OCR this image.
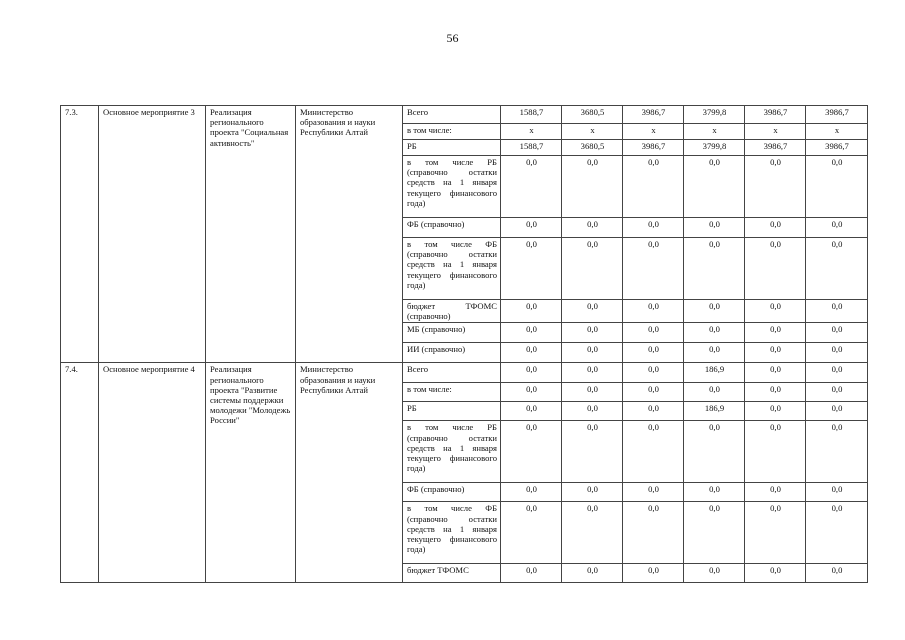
56
7.3.	Основное мероприятие 3	Реализация регионального проекта "Социальная активность"	Министерство образования и науки Республики Алтай	Всего	1588,7	3680,5	3986,7	3799,8	3986,7	3986,7
				в том числе:	x	x	x	x	x	x
				РБ	1588,7	3680,5	3986,7	3799,8	3986,7	3986,7
				в том числе РБ (справочно остатки средств на 1 января текущего финансового года)	0,0	0,0	0,0	0,0	0,0	0,0
				ФБ (справочно)	0,0	0,0	0,0	0,0	0,0	0,0
				в том числе ФБ (справочно остатки средств на 1 января текущего финансового года)	0,0	0,0	0,0	0,0	0,0	0,0
				бюджет ТФОМС (справочно)	0,0	0,0	0,0	0,0	0,0	0,0
				МБ (справочно)	0,0	0,0	0,0	0,0	0,0	0,0
				ИИ (справочно)	0,0	0,0	0,0	0,0	0,0	0,0
7.4.	Основное мероприятие 4	Реализация регионального проекта "Развитие системы поддержки молодежи "Молодежь России"	Министерство образования и науки Республики Алтай	Всего	0,0	0,0	0,0	186,9	0,0	0,0
				в том числе:	0,0	0,0	0,0	0,0	0,0	0,0
				РБ	0,0	0,0	0,0	186,9	0,0	0,0
				в том числе РБ (справочно остатки средств на 1 января текущего финансового года)	0,0	0,0	0,0	0,0	0,0	0,0
				ФБ (справочно)	0,0	0,0	0,0	0,0	0,0	0,0
				в том числе ФБ (справочно остатки средств на 1 января текущего финансового года)	0,0	0,0	0,0	0,0	0,0	0,0
				бюджет ТФОМС	0,0	0,0	0,0	0,0	0,0	0,0
